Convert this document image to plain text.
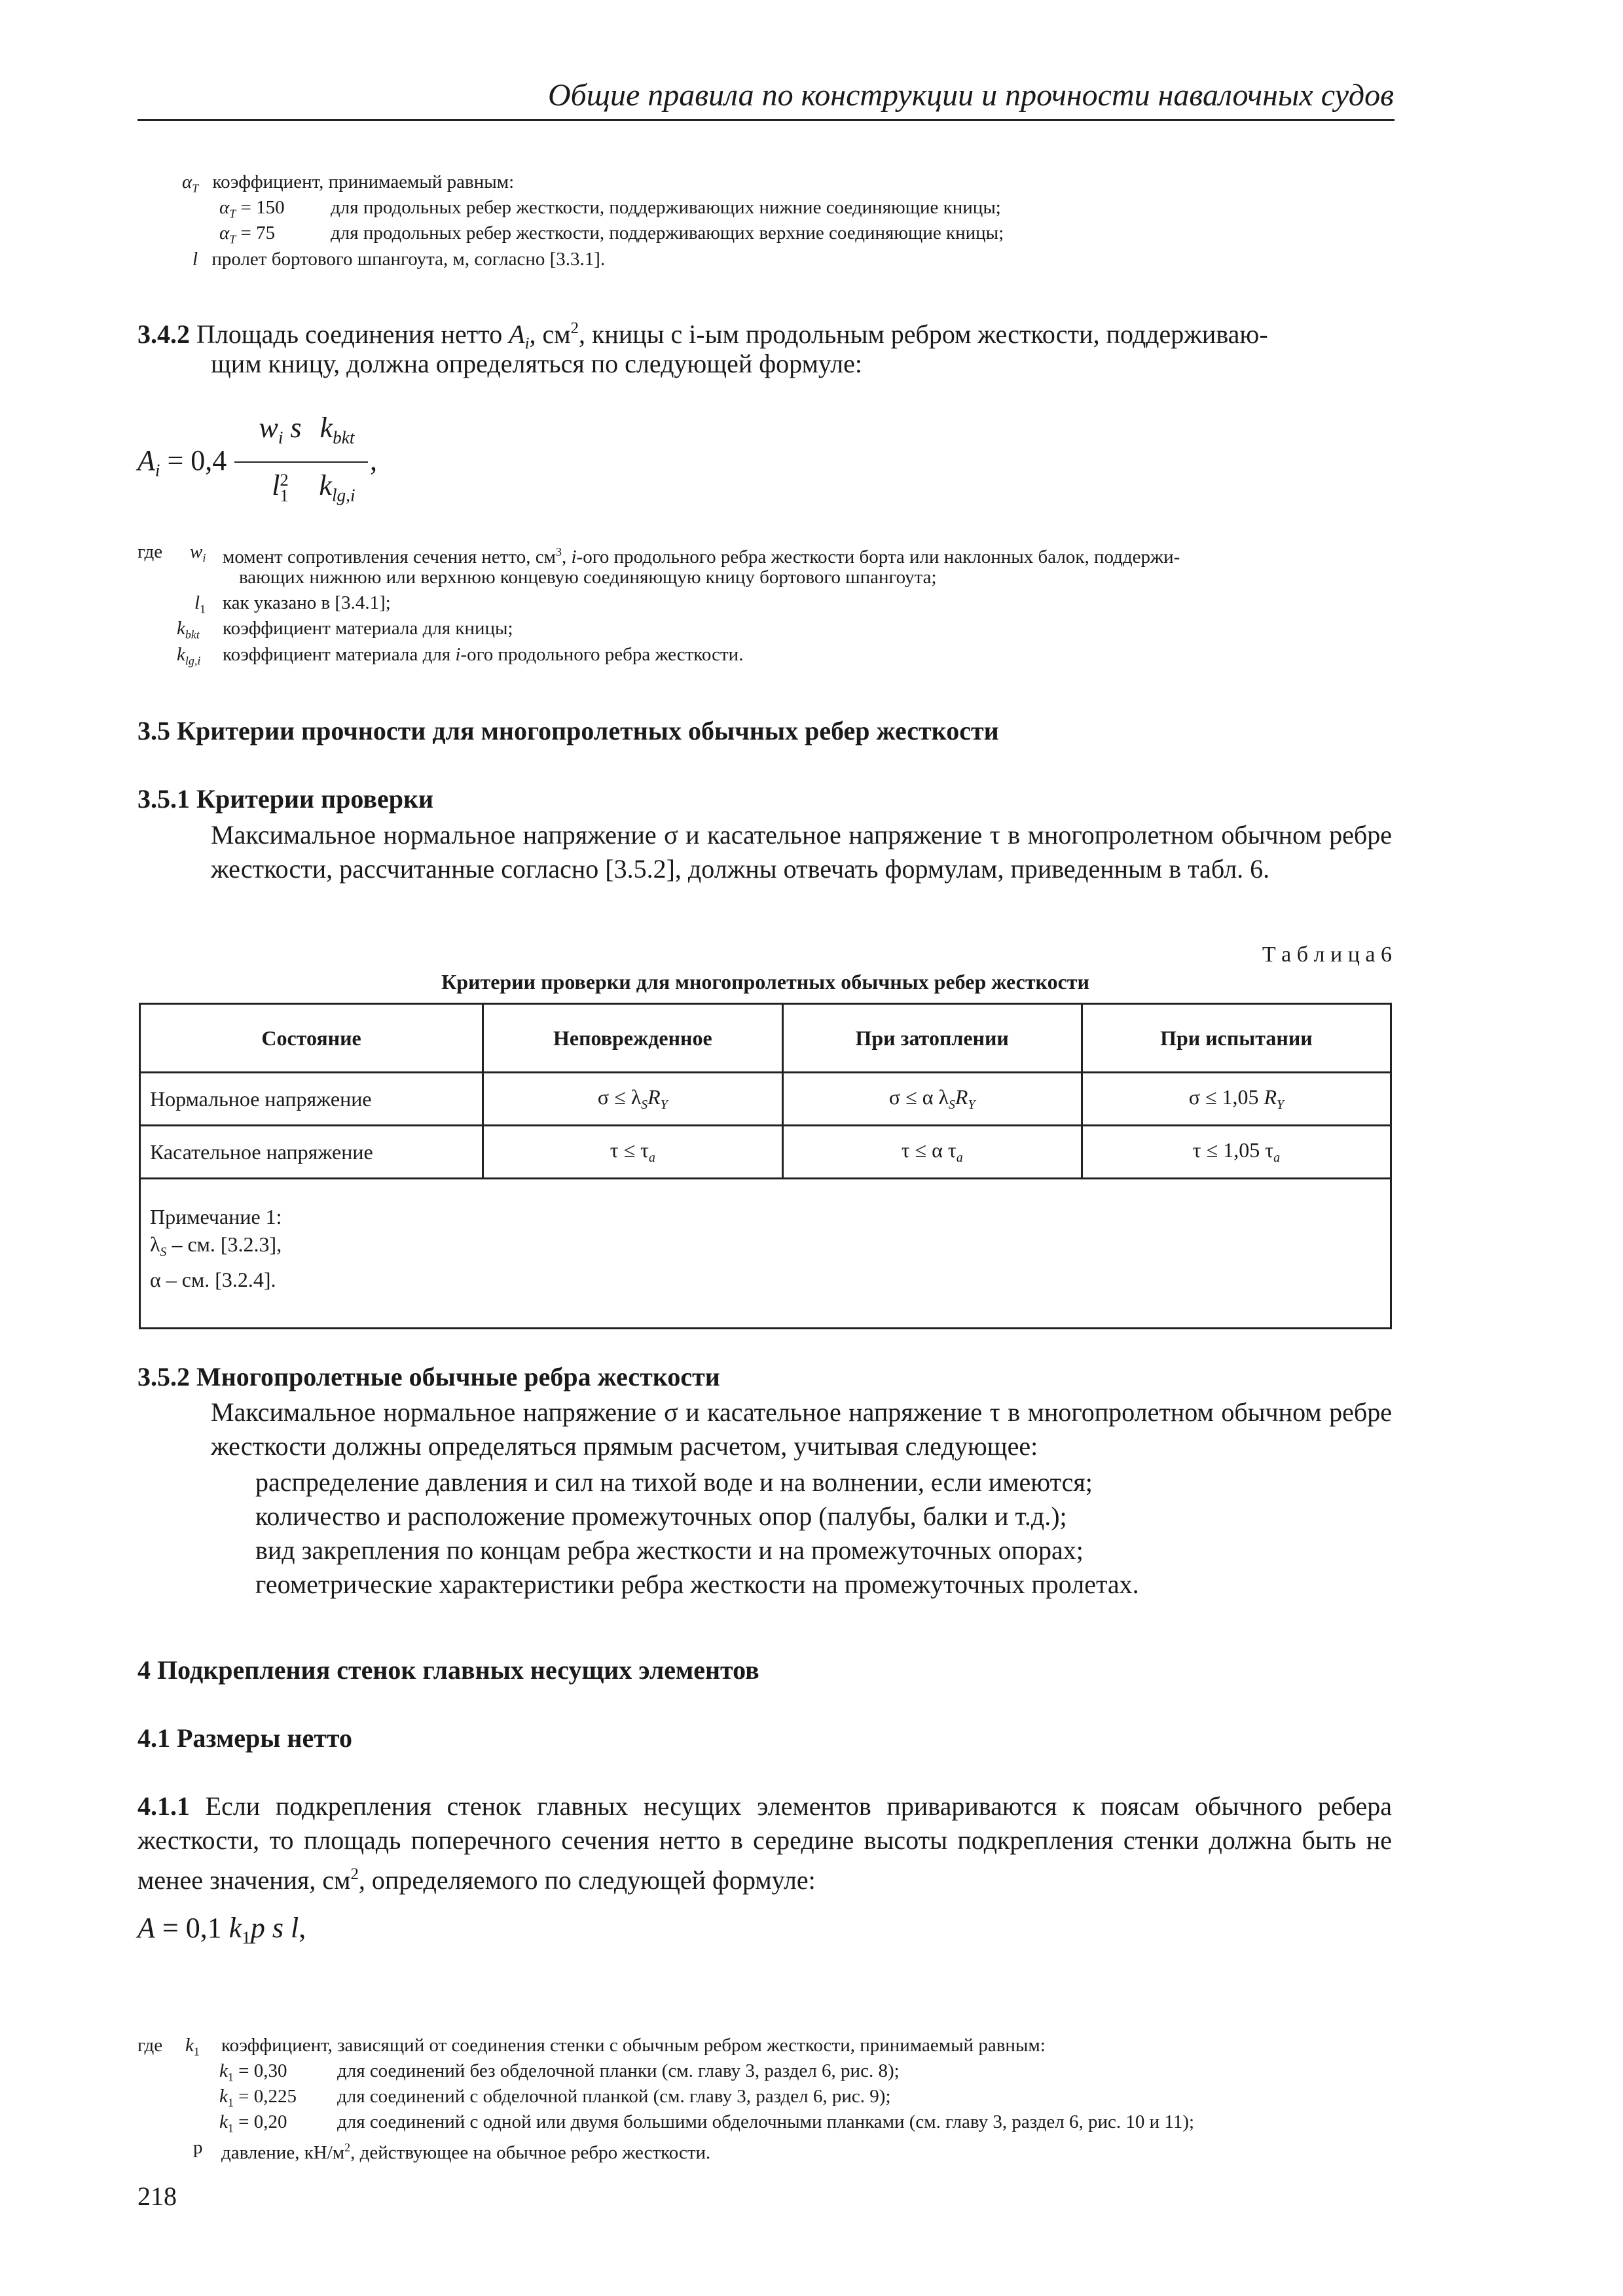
Общие правила по конструкции и прочности навалочных судов
$\alpha_T$ коэффициент, принимаемый равным:
$\alpha_T = 150$ для продольных ребер жесткости, поддерживающих нижние соединяющие кницы;
$\alpha_T = 75$	для продольных ребер жесткости, поддерживающих верхние соединяющие кницы;
l пролет бортового шпангоута, м, согласно [3.3.1].
3.4.2 Площадь соединения нетто $A_i$, $см^2$, кницы с i-ым продольным ребром жесткости, поддерживаю-
щим кницу, должна определяться по следующей формуле:
$A_i = 0,4$
$w_i$ s
l2
1
$k_{bkt}$
$k_{lg,i}$
,
где $w_i$ момент сопротивления сечения нетто, $см^3$, i-ого продольного ребра жесткости борта или наклонных балок, поддержи-
вающих нижнюю или верхнюю концевую соединяющую кницу бортового шпангоута;
$l_1$ как указано в [3.4.1];
$k_{bkt}$ коэффициент материала для кницы;
$k_{lg,i}$ коэффициент материала для i-ого продольного ребра жесткости.
3.5 Критерии прочности для многопролетных обычных ребер жесткости
3.5.1 Критерии проверки
Максимальное нормальное напряжение σ и касательное напряжение τ в многопролетном обычном ребре жесткости, рассчитанные согласно [3.5.2], должны отвечать формулам, приведенным в табл. 6.
Т а б л и ц а 6
Критерии проверки для многопролетных обычных ребер жесткости
Состояние	Неповрежденное	При затоплении	При испытании
Нормальное напряжение	$\sigma \le \lambda_SR_Y$	σ ≤ α $\lambda_SR_Y$	σ ≤ 1,05 $R_Y$
Касательное напряжение	$\tau \le \tau_a$	τ ≤ α $\tau_a$	τ ≤ 1,05 $\tau_a$

Примечание 1:
$\lambda_S$ – см. [3.2.3],
α – см. [3.2.4].			
3.5.2 Многопролетные обычные ребра жесткости
Максимальное нормальное напряжение σ и касательное напряжение τ в многопролетном обычном ребре жесткости должны определяться прямым расчетом, учитывая следующее:
распределение давления и сил на тихой воде и на волнении, если имеются;
количество и расположение промежуточных опор (палубы, балки и т.д.);
вид закрепления по концам ребра жесткости и на промежуточных опорах;
геометрические характеристики ребра жесткости на промежуточных пролетах.
4 Подкрепления стенок главных несущих элементов
4.1 Размеры нетто
4.1.1 Если подкрепления стенок главных несущих элементов привариваются к поясам обычного ребера жесткости, то площадь поперечного сечения нетто в середине высоты подкрепления стенки должна быть не менее значения, $см^2$, определяемого по следующей формуле:
A = 0,1 $k_1p$ s l,
где $k_1$ коэффициент, зависящий от соединения стенки с обычным ребром жесткости, принимаемый равным:
$k_1 = 0,30$	для соединений без обделочной планки (см. главу 3, раздел 6, рис. 8);
$k_1 = 0,225$ для соединений с обделочной планкой (см. главу 3, раздел 6, рис. 9);
$k_1 = 0,20$	для соединений с одной или двумя большими обделочными планками (см. главу 3, раздел 6, рис. 10 и 11);
p давление, $кН/м^2$, действующее на обычное ребро жесткости.
218
